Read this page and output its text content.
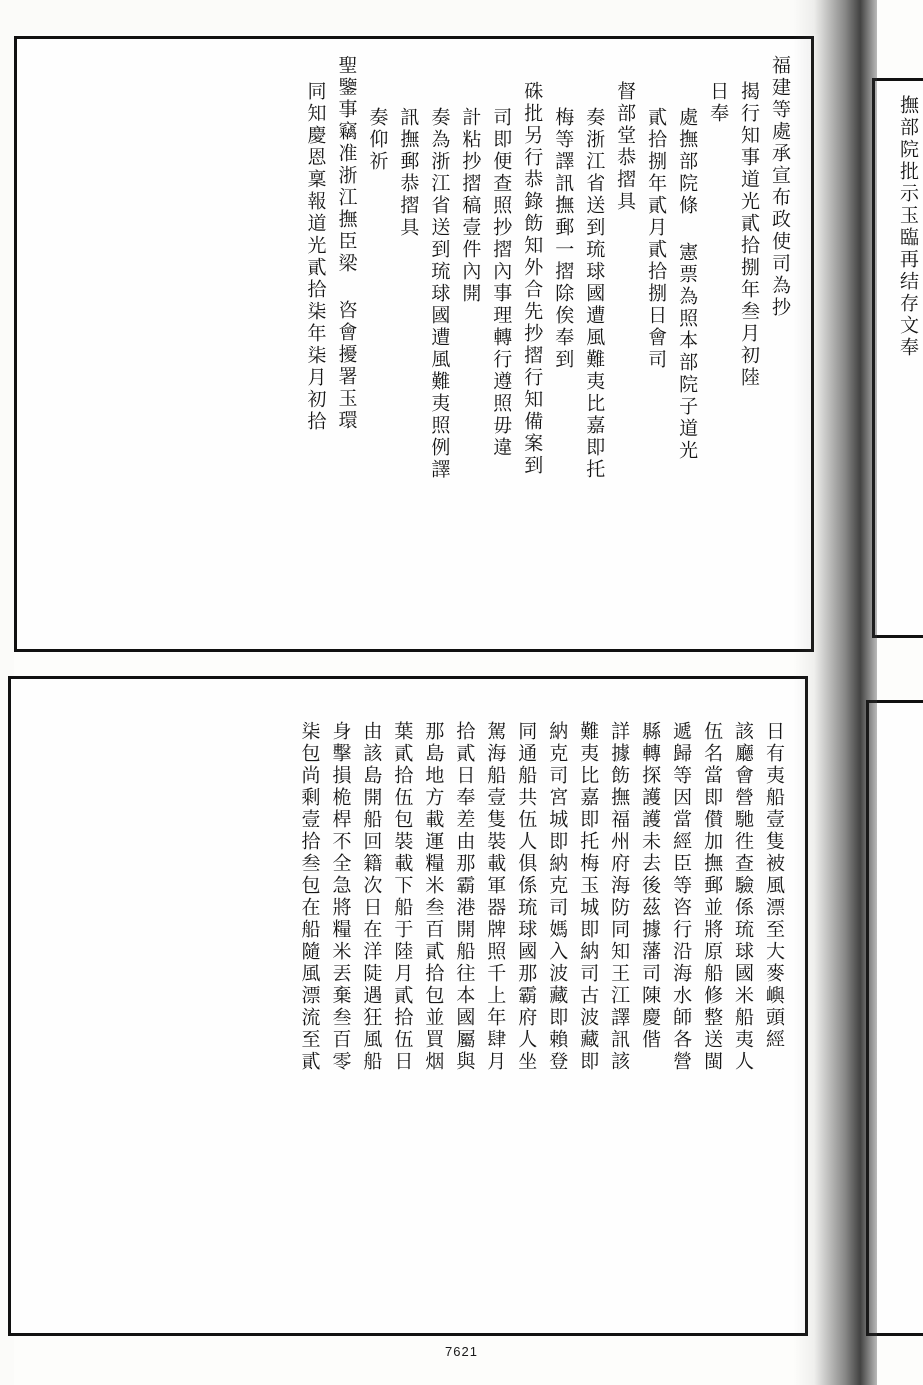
福建等處承宣布政使司為抄
揭行知事道光貳拾捌年叁月初陸
日奉
處撫部院條 憲票為照本部院子道光
貳拾捌年貳月貳拾捌日會司
督部堂恭摺具
奏浙江省送到琉球國遭風難夷比嘉即托
梅等譯訊撫郵一摺除俟奉到
硃批另行恭錄飭知外合先抄摺行知備案到
司即便查照抄摺內事理轉行遵照毋違
計粘抄摺稿壹件內開
奏為浙江省送到琉球國遭風難夷照例譯
訊撫郵恭摺具
奏仰祈
聖鑒事竊准浙江撫臣梁 咨會擾署玉環
同知慶恩稟報道光貳拾柒年柒月初拾
日有夷船壹隻被風漂至大麥嶼頭經
該廳會營馳徃查驗係琉球國米船夷人
伍名當即儧加撫郵並將原船修整送閩
遞歸等因當經臣等咨行沿海水師各營
縣轉探護護未去後茲據藩司陳慶偕
詳據飭撫福州府海防同知王江譯訊該
難夷比嘉即托梅玉城即納司古波藏即
納克司宮城即納克司媽入波藏即賴登
同通船共伍人俱係琉球國那霸府人坐
駕海船壹隻裝載軍器牌照千上年肆月
拾貳日奉差由那霸港開船往本國屬與
那島地方載運糧米叁百貳拾包並買烟
葉貳拾伍包裝載下船于陸月貳拾伍日
由該島開船回籍次日在洋陡遇狂風船
身擊損桅桿不全急將糧米丟棄叁百零
柒包尚剩壹拾叁包在船隨風漂流至貳
撫部院批示玉臨再结存文奉
7621
